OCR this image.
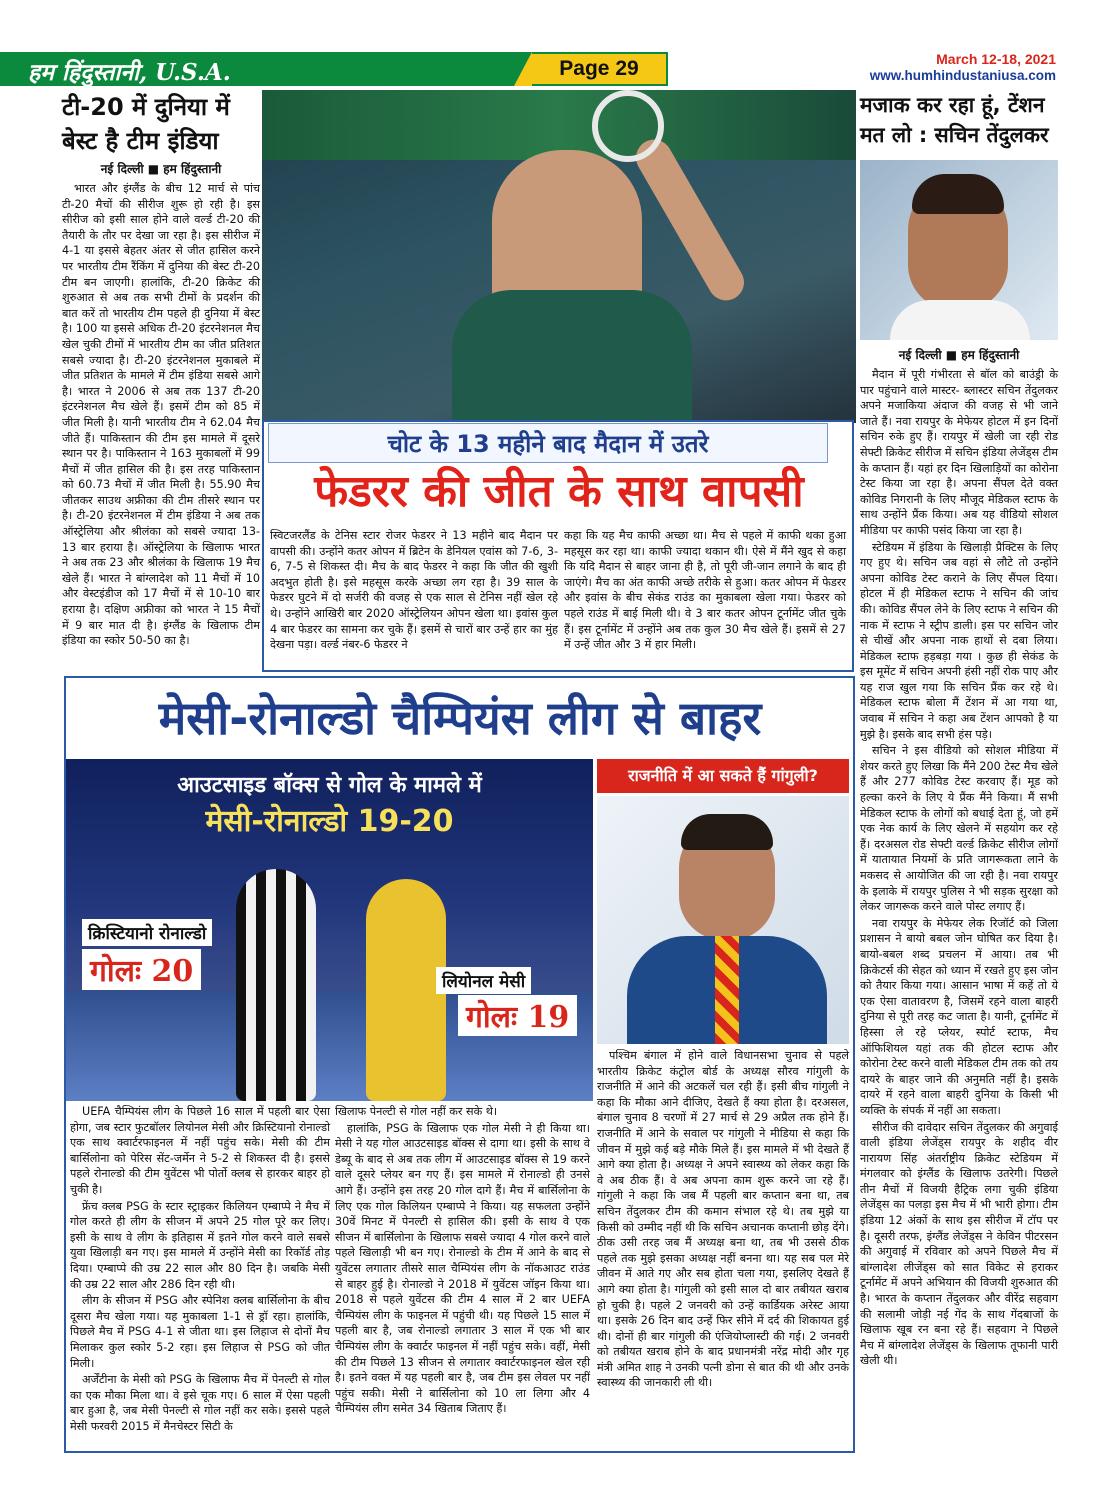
हम हिंदुस्तानी, U.S.A.	Page 29	March 12-18, 2021
www.humhindustaniusa.com
टी-20 में दुनिया में बेस्ट है टीम इंडिया
नई दिल्ली ■ हम हिंदुस्तानी

भारत और इंग्लैंड के बीच 12 मार्च से पांच टी-20 मैचों की सीरीज शुरू हो रही है। इस सीरीज को इसी साल होने वाले वर्ल्ड टी-20 की तैयारी के तौर पर देखा जा रहा है। इस सीरीज में 4-1 या इससे बेहतर अंतर से जीत हासिल करने पर भारतीय टीम रैंकिंग में दुनिया की बेस्ट टी-20 टीम बन जाएगी। हालांकि, टी-20 क्रिकेट की शुरुआत से अब तक सभी टीमों के प्रदर्शन की बात करें तो भारतीय टीम पहले ही दुनिया में बेस्ट है। 100 या इससे अधिक टी-20 इंटरनेशनल मैच खेल चुकी टीमों में भारतीय टीम का जीत प्रतिशत सबसे ज्यादा है। टी-20 इंटरनेशनल मुकाबले में जीत प्रतिशत के मामले में टीम इंडिया सबसे आगे है। भारत ने 2006 से अब तक 137 टी-20 इंटरनेशनल मैच खेले हैं। इसमें टीम को 85 में जीत मिली है। यानी भारतीय टीम ने 62.04 मैच जीते हैं। पाकिस्तान की टीम इस मामले में दूसरे स्थान पर है। पाकिस्तान ने 163 मुकाबलों में 99 मैचों में जीत हासिल की है। इस तरह पाकिस्तान को 60.73 मैचों में जीत मिली है। 55.90 मैच जीतकर साउथ अफ्रीका की टीम तीसरे स्थान पर है। टी-20 इंटरनेशनल में टीम इंडिया ने अब तक ऑस्ट्रेलिया और श्रीलंका को सबसे ज्यादा 13-13 बार हराया है। ऑस्ट्रेलिया के खिलाफ भारत ने अब तक 23 और श्रीलंका के खिलाफ 19 मैच खेले हैं। भारत ने बांग्लादेश को 11 मैचों में 10 और वेस्टइंडीज को 17 मैचों में से 10-10 बार हराया है। दक्षिण अफ्रीका को भारत ने 15 मैचों में 9 बार मात दी है। इंग्लैंड के खिलाफ टीम इंडिया का स्कोर 50-50 का है।

चोट के 13 महीने बाद मैदान में उतरे
फेडरर की जीत के साथ वापसी

स्विटजरलैंड के टेनिस स्टार रोजर फेडरर ने 13 महीने बाद मैदान पर वापसी की। उन्होंने कतर ओपन में ब्रिटेन के डेनियल एवांस को 7-6, 3-6, 7-5 से शिकस्त दी। मैच के बाद फेडरर ने कहा कि जीत की खुशी अदभुत होती है। इसे महसूस करके अच्छा लग रहा है। 39 साल के फेडरर घुटने में दो सर्जरी की वजह से एक साल से टेनिस नहीं खेल रहे थे। उन्होंने आखिरी बार 2020 ऑस्ट्रेलियन ओपन खेला था। इवांस कुल 4 बार फेडरर का सामना कर चुके हैं। इसमें से चारों बार उन्हें हार का मुंह देखना पड़ा। वर्ल्ड नंबर-6 फेडरर ने

कहा कि यह मैच काफी अच्छा था। मैच से पहले में काफी थका हुआ महसूस कर रहा था। काफी ज्यादा थकान थी। ऐसे में मैंने खुद से कहा कि यदि मैदान से बाहर जाना ही है, तो पूरी जी-जान लगाने के बाद ही जाएंगे। मैच का अंत काफी अच्छे तरीके से हुआ। कतर ओपन में फेडरर और इवांस के बीच सेकंड राउंड का मुकाबला खेला गया। फेडरर को पहले राउंड में बाई मिली थी। वे 3 बार कतर ओपन टूर्नामेंट जीत चुके हैं। इस टूर्नामेंट में उन्होंने अब तक कुल 30 मैच खेले हैं। इसमें से 27 में उन्हें जीत और 3 में हार मिली।

मजाक कर रहा हूं, टेंशन मत लो : सचिन तेंदुलकर
नई दिल्ली ■ हम हिंदुस्तानी

मैदान में पूरी गंभीरता से बॉल को बाउंड्री के पार पहुंचाने वाले मास्टर- ब्लास्टर सचिन तेंदुलकर अपने मजाकिया अंदाज की वजह से भी जाने जाते हैं। नवा रायपुर के मेफेयर होटल में इन दिनों सचिन रुके हुए हैं। रायपुर में खेली जा रही रोड सेफ्टी क्रिकेट सीरीज में सचिन इंडिया लेजेंड्स टीम के कप्तान हैं। यहां हर दिन खिलाड़ियों का कोरोना टेस्ट किया जा रहा है। अपना सैंपल देते वक्त कोविड निगरानी के लिए मौजूद मेडिकल स्टाफ के साथ उन्होंने प्रैंक किया। अब यह वीडियो सोशल मीडिया पर काफी पसंद किया जा रहा है।

स्टेडियम में इंडिया के खिलाड़ी प्रैक्टिस के लिए गए हुए थे। सचिन जब वहां से लौटे तो उन्होंने अपना कोविड टेस्ट कराने के लिए सैंपल दिया। होटल में ही मेडिकल स्टाफ ने सचिन की जांच की। कोविड सैंपल लेने के लिए स्टाफ ने सचिन की नाक में स्टाफ ने स्ट्रीप डाली। इस पर सचिन जोर से चीखें और अपना नाक हाथों से दबा लिया। मेडिकल स्टाफ हड़बड़ा गया । कुछ ही सेकंड के इस मूमेंट में सचिन अपनी हंसी नहीं रोक पाए और यह राज खुल गया कि सचिन प्रैंक कर रहे थे। मेडिकल स्टाफ बोला मैं टेंशन में आ गया था, जवाब में सचिन ने कहा अब टेंशन आपको है या मुझे है। इसके बाद सभी हंस पड़े।

सचिन ने इस वीडियो को सोशल मीडिया में शेयर करते हुए लिखा कि मैंने 200 टेस्ट मैच खेले हैं और 277 कोविड टेस्ट करवाए हैं। मूड को हल्का करने के लिए ये प्रैंक मैंने किया। मैं सभी मेडिकल स्टाफ के लोगों को बधाई देता हूं, जो हमें एक नेक कार्य के लिए खेलने में सहयोग कर रहे हैं। दरअसल रोड सेफ्टी वर्ल्ड क्रिकेट सीरीज लोगों में यातायात नियमों के प्रति जागरूकता लाने के मकसद से आयोजित की जा रही है। नवा रायपुर के इलाके में रायपुर पुलिस ने भी सड़क सुरक्षा को लेकर जागरूक करने वाले पोस्ट लगाए हैं।

नवा रायपुर के मेफेयर लेक रिजॉर्ट को जिला प्रशासन ने बायो बबल जोन घोषित कर दिया है। बायो-बबल शब्द प्रचलन में आया। तब भी क्रिकेटर्स की सेहत को ध्यान में रखते हुए इस जोन को तैयार किया गया। आसान भाषा में कहें तो ये एक ऐसा वातावरण है, जिसमें रहने वाला बाहरी दुनिया से पूरी तरह कट जाता है। यानी, टूर्नामेंट में हिस्सा ले रहे प्लेयर, स्पोर्ट स्टाफ, मैच ऑफिशियल यहां तक की होटल स्टाफ और कोरोना टेस्ट करने वाली मेडिकल टीम तक को तय दायरे के बाहर जाने की अनुमति नहीं है। इसके दायरे में रहने वाला बाहरी दुनिया के किसी भी व्यक्ति के संपर्क में नहीं आ सकता।

सीरीज की दावेदार सचिन तेंदुलकर की अगुवाई वाली इंडिया लेजेंड्स रायपुर के शहीद वीर नारायण सिंह अंतर्राष्ट्रीय क्रिकेट स्टेडियम में मंगलवार को इंग्लैंड के खिलाफ उतरेगी। पिछले तीन मैचों में विजयी हैट्रिक लगा चुकी इंडिया लेजेंड्स का पलड़ा इस मैच में भी भारी होगा। टीम इंडिया 12 अंकों के साथ इस सीरीज में टॉप पर है। दूसरी तरफ, इंग्लैंड लेजेंड्स ने केविन पीटरसन की अगुवाई में रविवार को अपने पिछले मैच में बांग्लादेश लीजेंड्स को सात विकेट से हराकर टूर्नामेंट में अपने अभियान की विजयी शुरुआत की है। भारत के कप्तान तेंदुलकर और वीरेंद्र सहवाग की सलामी जोड़ी नई गेंद के साथ गेंदबाजों के खिलाफ खूब रन बना रहे हैं। सहवाग ने पिछले मैच में बांग्लादेश लेजेंड्स के खिलाफ तूफानी पारी खेली थी।

मेसी-रोनाल्डो चैम्पियंस लीग से बाहर
आउटसाइड बॉक्स से गोल के मामले में
मेसी-रोनाल्डो 19-20
क्रिस्टियानो रोनाल्डो
गोलः 20	लियोनल मेसी
गोलः 19

UEFA चैम्पियंस लीग के पिछले 16 साल में पहली बार ऐसा होगा, जब स्टार फुटबॉलर लियोनल मेसी और क्रिस्टियानो रोनाल्डो एक साथ क्वार्टरफाइनल में नहीं पहुंच सके। मेसी की टीम बार्सिलोना को पेरिस सेंट-जर्मेन ने 5-2 से शिकस्त दी है। इससे पहले रोनाल्डो की टीम युवेंटस भी पोर्तो क्लब से हारकर बाहर हो चुकी है।

फ्रेंच क्लब PSG के स्टार स्ट्राइकर किलियन एम्बाप्पे ने मैच में गोल करते ही लीग के सीजन में अपने 25 गोल पूरे कर लिए। इसी के साथ वे लीग के इतिहास में इतने गोल करने वाले सबसे युवा खिलाड़ी बन गए। इस मामले में उन्होंने मेसी का रिकॉर्ड तोड़ दिया। एम्बाप्पे की उम्र 22 साल और 80 दिन है। जबकि मेसी की उम्र 22 साल और 286 दिन रही थी।

लीग के सीजन में PSG और स्पेनिश क्लब बार्सिलोना के बीच दूसरा मैच खेला गया। यह मुकाबला 1-1 से ड्रॉ रहा। हालांकि, पिछले मैच में PSG 4-1 से जीता था। इस लिहाज से दोनों मैच मिलाकर कुल स्कोर 5-2 रहा। इस लिहाज से PSG को जीत मिली।

अर्जेंटीना के मेसी को PSG के खिलाफ मैच में पेनल्टी से गोल का एक मौका मिला था। वे इसे चूक गए। 6 साल में ऐसा पहली बार हुआ है, जब मेसी पेनल्टी से गोल नहीं कर सके। इससे पहले मेसी फरवरी 2015 में मैनचेस्टर सिटी के

खिलाफ पेनल्टी से गोल नहीं कर सके थे।

हालांकि, PSG के खिलाफ एक गोल मेसी ने ही किया था। मेसी ने यह गोल आउटसाइड बॉक्स से दागा था। इसी के साथ वे डेब्यू के बाद से अब तक लीग में आउटसाइड बॉक्स से 19 करने वाले दूसरे प्लेयर बन गए हैं। इस मामले में रोनाल्डो ही उनसे आगे हैं। उन्होंने इस तरह 20 गोल दागे हैं। मैच में बार्सिलोना के लिए एक गोल किलियन एम्बाप्पे ने किया। यह सफलता उन्होंने 30वें मिनट में पेनल्टी से हासिल की। इसी के साथ वे एक सीजन में बार्सिलोना के खिलाफ सबसे ज्यादा 4 गोल करने वाले पहले खिलाड़ी भी बन गए। रोनाल्डो के टीम में आने के बाद से युवेंटस लगातार तीसरे साल चैम्पियंस लीग के नॉकआउट राउंड से बाहर हुई है। रोनाल्डो ने 2018 में युवेंटस जॉइन किया था। 2018 से पहले युवेंटस की टीम 4 साल में 2 बार UEFA चैम्पियंस लीग के फाइनल में पहुंची थी। यह पिछले 15 साल में पहली बार है, जब रोनाल्डो लगातार 3 साल में एक भी बार चैम्पियंस लीग के क्वार्टर फाइनल में नहीं पहुंच सके। वहीं, मेसी की टीम पिछले 13 सीजन से लगातार क्वार्टरफाइनल खेल रही है। इतने वक्त में यह पहली बार है, जब टीम इस लेवल पर नहीं पहुंच सकी। मेसी ने बार्सिलोना को 10 ला लिगा और 4 चैम्पियंस लीग समेत 34 खिताब जिताए हैं।

राजनीति में आ सकते हैं गांगुली?

पश्चिम बंगाल में होने वाले विधानसभा चुनाव से पहले भारतीय क्रिकेट कंट्रोल बोर्ड के अध्यक्ष सौरव गांगुली के राजनीति में आने की अटकलें चल रही हैं। इसी बीच गांगुली ने कहा कि मौका आने दीजिए, देखते हैं क्या होता है। दरअसल, बंगाल चुनाव 8 चरणों में 27 मार्च से 29 अप्रैल तक होने हैं। राजनीति में आने के सवाल पर गांगुली ने मीडिया से कहा कि जीवन में मुझे कई बड़े मौके मिले हैं। इस मामले में भी देखते हैं आगे क्या होता है। अध्यक्ष ने अपने स्वास्थ्य को लेकर कहा कि वे अब ठीक हैं। वे अब अपना काम शुरू करने जा रहे हैं। गांगुली ने कहा कि जब मैं पहली बार कप्तान बना था, तब सचिन तेंदुलकर टीम की कमान संभाल रहे थे। तब मुझे या किसी को उम्मीद नहीं थी कि सचिन अचानक कप्तानी छोड़ देंगे। ठीक उसी तरह जब मैं अध्यक्ष बना था, तब भी उससे ठीक पहले तक मुझे इसका अध्यक्ष नहीं बनना था। यह सब पल मेरे जीवन में आते गए और सब होता चला गया, इसलिए देखते हैं आगे क्या होता है। गांगुली को इसी साल दो बार तबीयत खराब हो चुकी है। पहले 2 जनवरी को उन्हें कार्डियक अरेस्ट आया था। इसके 26 दिन बाद उन्हें फिर सीने में दर्द की शिकायत हुई थी। दोनों ही बार गांगुली की एंजियोप्लास्टी की गई। 2 जनवरी को तबीयत खराब होने के बाद प्रधानमंत्री नरेंद्र मोदी और गृह मंत्री अमित शाह ने उनकी पत्नी डोना से बात की थी और उनके स्वास्थ्य की जानकारी ली थी।
